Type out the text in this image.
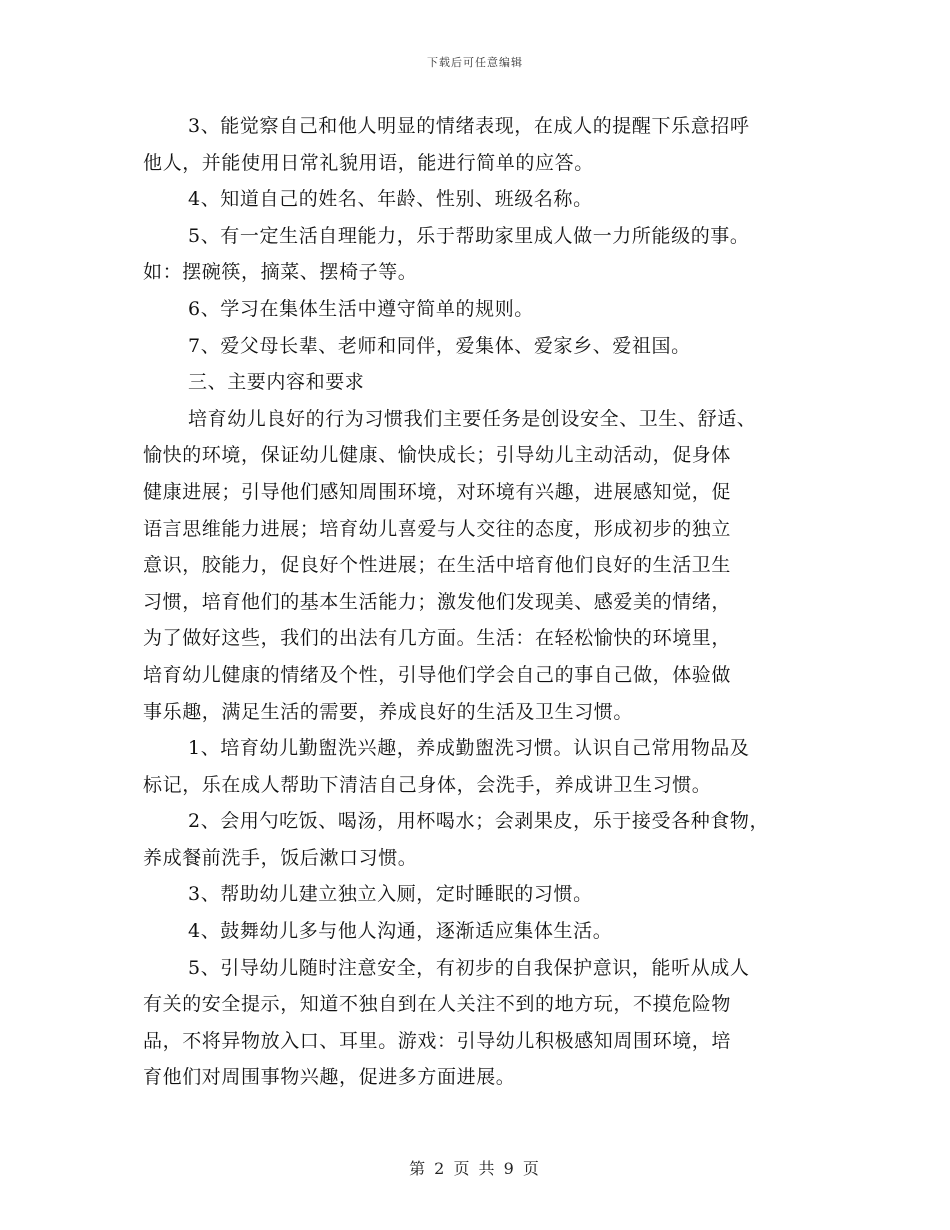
下载后可任意编辑
3、能觉察自己和他人明显的情绪表现，在成人的提醒下乐意招呼
他人，并能使用日常礼貌用语，能进行简单的应答。
4、知道自己的姓名、年龄、性别、班级名称。
5、有一定生活自理能力，乐于帮助家里成人做一力所能级的事。
如：摆碗筷，摘菜、摆椅子等。
6、学习在集体生活中遵守简单的规则。
7、爱父母长辈、老师和同伴，爱集体、爱家乡、爱祖国。
三、主要内容和要求
培育幼儿良好的行为习惯我们主要任务是创设安全、卫生、舒适、
愉快的环境，保证幼儿健康、愉快成长；引导幼儿主动活动，促身体
健康进展；引导他们感知周围环境，对环境有兴趣，进展感知觉，促
语言思维能力进展；培育幼儿喜爱与人交往的态度，形成初步的独立
意识，胶能力，促良好个性进展；在生活中培育他们良好的生活卫生
习惯，培育他们的基本生活能力；激发他们发现美、感爱美的情绪，
为了做好这些，我们的出法有几方面。生活：在轻松愉快的环境里，
培育幼儿健康的情绪及个性，引导他们学会自己的事自己做，体验做
事乐趣，满足生活的需要，养成良好的生活及卫生习惯。
1、培育幼儿勤盥洗兴趣，养成勤盥洗习惯。认识自己常用物品及
标记，乐在成人帮助下清洁自己身体，会洗手，养成讲卫生习惯。
2、会用勺吃饭、喝汤，用杯喝水；会剥果皮，乐于接受各种食物，
养成餐前洗手，饭后漱口习惯。
3、帮助幼儿建立独立入厕，定时睡眠的习惯。
4、鼓舞幼儿多与他人沟通，逐渐适应集体生活。
5、引导幼儿随时注意安全，有初步的自我保护意识，能听从成人
有关的安全提示，知道不独自到在人关注不到的地方玩，不摸危险物
品，不将异物放入口、耳里。游戏：引导幼儿积极感知周围环境，培
育他们对周围事物兴趣，促进多方面进展。
第 2 页 共 9 页
